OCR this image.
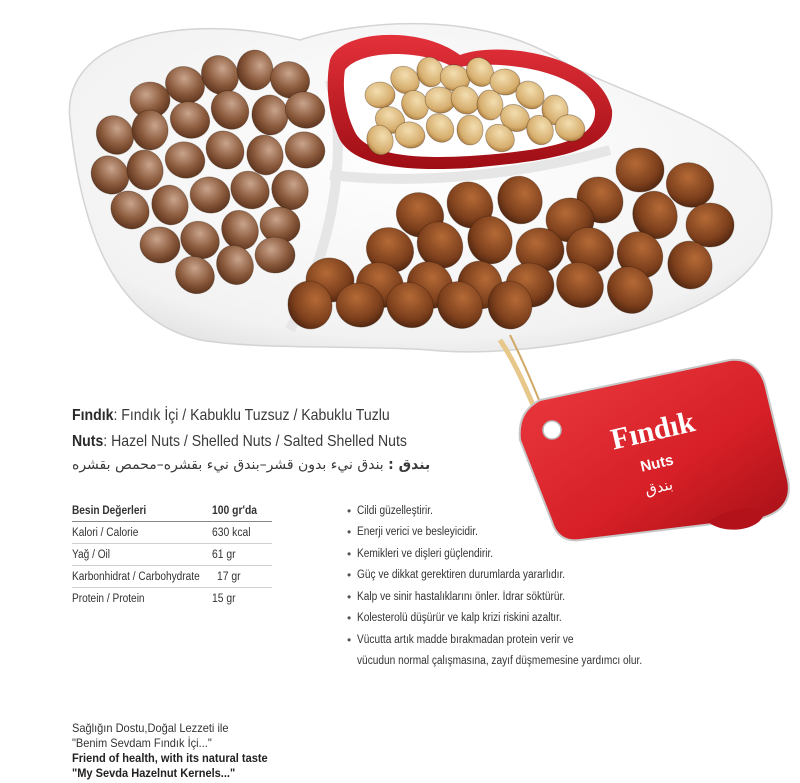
Fındık
Nuts
بندق
Fındık: Fındık İçi / Kabuklu Tuzsuz / Kabuklu Tuzlu
Nuts: Hazel Nuts / Shelled Nuts / Salted Shelled Nuts
بندق : بندق نيء بدون قشر–بندق نيء بقشره–محمص بقشره
Besin Değerleri	100 gr'da
Kalori / Calorie	630 kcal
Yağ / Oil	61 gr
Karbonhidrat / Carbohydrate 17 gr
Protein / Protein	15 gr
• Cildi güzelleştirir.
• Enerji verici ve besleyicidir.
• Kemikleri ve dişleri güçlendirir.
• Güç ve dikkat gerektiren durumlarda yararlıdır.
• Kalp ve sinir hastalıklarını önler. İdrar söktürür.
• Kolesterolü düşürür ve kalp krizi riskini azaltır.
• Vücutta artık madde bırakmadan protein verir ve
vücudun normal çalışmasına, zayıf düşmemesine yardımcı olur.
Sağlığın Dostu,Doğal Lezzeti ile
"Benim Sevdam Fındık İçi..."
Friend of health, with its natural taste
"My Sevda Hazelnut Kernels..."
